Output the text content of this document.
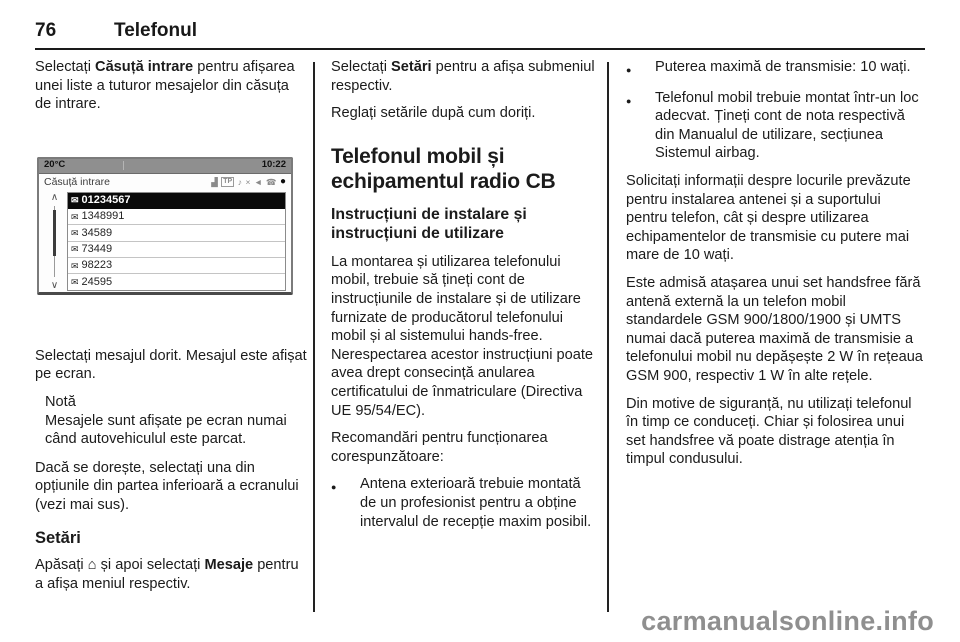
76	Telefonul

Selectați Căsuță intrare pentru afișarea unei liste a tuturor mesajelor din căsuța de intrare.

20°C	10:22
Căsuță intrare	▟ TP ♪ × ◄ ☎ ●
∧
∨
✉ 01234567
✉ 1348991
✉ 34589
✉ 73449
✉ 98223
✉ 24595

Selectați mesajul dorit. Mesajul este afișat pe ecran.

Notă
Mesajele sunt afișate pe ecran numai când autovehiculul este parcat.

Dacă se dorește, selectați una din opțiunile din partea inferioară a ecranului (vezi mai sus).

Setări

Apăsați ⌂ și apoi selectați Mesaje pentru a afișa meniul respectiv.

Selectați Setări pentru a afișa submeniul respectiv.

Reglați setările după cum doriți.

Telefonul mobil și echipamentul radio CB
Instrucțiuni de instalare și instrucțiuni de utilizare

La montarea și utilizarea telefonului mobil, trebuie să țineți cont de instrucțiunile de instalare și de utilizare furnizate de producătorul telefonului mobil și al sistemului hands-free. Nerespectarea acestor instrucțiuni poate avea drept consecință anularea certificatului de înmatriculare (Directiva UE 95/54/EC).

Recomandări pentru funcționarea corespunzătoare:

●	Antena exterioară trebuie montată de un profesionist pentru a obține intervalul de recepție maxim posibil.
●	Puterea maximă de transmisie: 10 wați.
●	Telefonul mobil trebuie montat într-un loc adecvat. Țineți cont de nota respectivă din Manualul de utilizare, secțiunea Sistemul airbag.

Solicitați informații despre locurile prevăzute pentru instalarea antenei și a suportului pentru telefon, cât și despre utilizarea echipamentelor de transmisie cu putere mai mare de 10 wați.

Este admisă atașarea unui set handsfree fără antenă externă la un telefon mobil standardele GSM 900/1800/1900 și UMTS numai dacă puterea maximă de transmisie a telefonului mobil nu depășește 2 W în rețeaua GSM 900, respectiv 1 W în alte rețele.

Din motive de siguranță, nu utilizați telefonul în timp ce conduceți. Chiar și folosirea unui set handsfree vă poate distrage atenția în timpul condusului.

carmanualsonline.info
